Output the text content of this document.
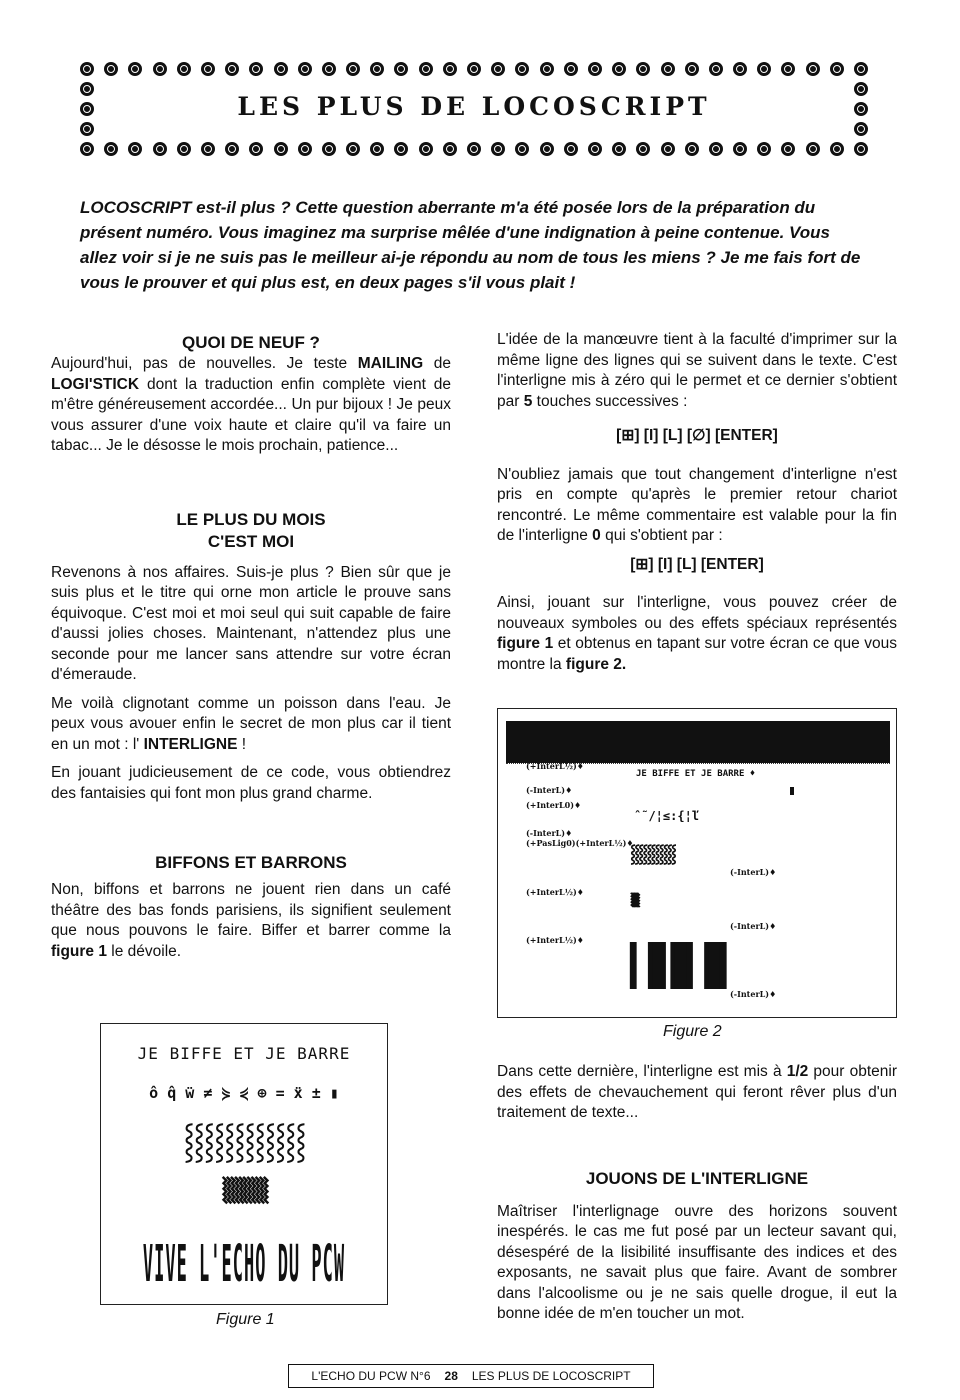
LES PLUS DE LOCOSCRIPT

LOCOSCRIPT est-il plus ? Cette question aberrante m'a été posée lors de la préparation du présent numéro. Vous imaginez ma surprise mêlée d'une indignation à peine contenue. Vous allez voir si je ne suis pas le meilleur ai-je répondu au nom de tous les miens ? Je me fais fort de vous le prouver et qui plus est, en deux pages s'il vous plait !

QUOI DE NEUF ?

Aujourd'hui, pas de nouvelles. Je teste MAILING de LOGI'STICK dont la traduction enfin complète vient de m'être généreusement accordée... Un pur bijoux ! Je peux vous assurer d'une voix haute et claire qu'il va faire un tabac... Je le désosse le mois prochain, patience...

LE PLUS DU MOIS
C'EST MOI

Revenons à nos affaires. Suis-je plus ? Bien sûr que je suis plus et le titre qui orne mon article le prouve sans équivoque. C'est moi et moi seul qui suit capable de faire d'aussi jolies choses. Maintenant, n'attendez plus une seconde pour me lancer sans attendre sur votre écran d'émeraude.

Me voilà clignotant comme un poisson dans l'eau. Je peux vous avouer enfin le secret de mon plus car il tient en un mot : l' INTERLIGNE !

En jouant judicieusement de ce code, vous obtiendrez des fantaisies qui font mon plus grand charme.

BIFFONS ET BARRONS

Non, biffons et barrons ne jouent rien dans un café théâtre des bas fonds parisiens, ils signifient seulement que nous pouvons le faire. Biffer et barrer comme la figure 1 le dévoile.

JE BIFFE ET JE BARRE
ô q̂ ẅ ≠ ⋟ ⋞ ⊕ = ẍ ± ▮
⸾⸾⸾⸾⸾⸾⸾⸾⸾⸾⸾⸾
⦚⦚⦚⦚⦚⦚⦚⦚⦚⦚⦚
VIVE L'ECHO DU PCW
Figure 1

L'idée de la manœuvre tient à la faculté d'imprimer sur la même ligne des lignes qui se suivent dans le texte. C'est l'interligne mis à zéro qui le permet et ce dernier s'obtient par 5 touches successives :

[⊞] [I] [L] [∅] [ENTER]

N'oubliez jamais que tout changement d'interligne n'est pris en compte qu'après le premier retour chariot rencontré. Le même commentaire est valable pour la fin de l'interligne 0 qui s'obtient par :

[⊞] [I] [L] [ENTER]

Ainsi, jouant sur l'interligne, vous pouvez créer de nouveaux symboles ou des effets spéciaux représentés figure 1 et obtenus en tapant sur votre écran ce que vous montre la figure 2.

(+InterL½)♦
JE BIFFE ET JE BARRE ♦
(-InterL)♦
(+InterL0)♦
ˆ˜/¦≤:{¦ľ
(-InterL)♦
(+PasLig0)(+InterL½)♦
⸾⸾⸾⸾⸾⸾⸾⸾⸾⸾⸾
(-InterL)♦
(+InterL½)♦	⦚⦚⦚⦚⦚⦚⦚⦚⦚⦚
(-InterL)♦
(+InterL½)♦
▌▐█▐█▌▐█▌
(-InterL)♦
Figure 2

Dans cette dernière, l'interligne est mis à 1/2 pour obtenir des effets de chevauchement qui feront rêver plus d'un traitement de texte...

JOUONS DE L'INTERLIGNE

Maîtriser l'interlignage ouvre des horizons souvent inespérés. le cas me fut posé par un lecteur savant qui, désespéré de la lisibilité insuffisante des indices et des exposants, ne savait plus que faire. Avant de sombrer dans l'alcoolisme ou je ne sais quelle drogue, il eut la bonne idée de m'en toucher un mot.

L'ECHO DU PCW N°6 28 LES PLUS DE LOCOSCRIPT
